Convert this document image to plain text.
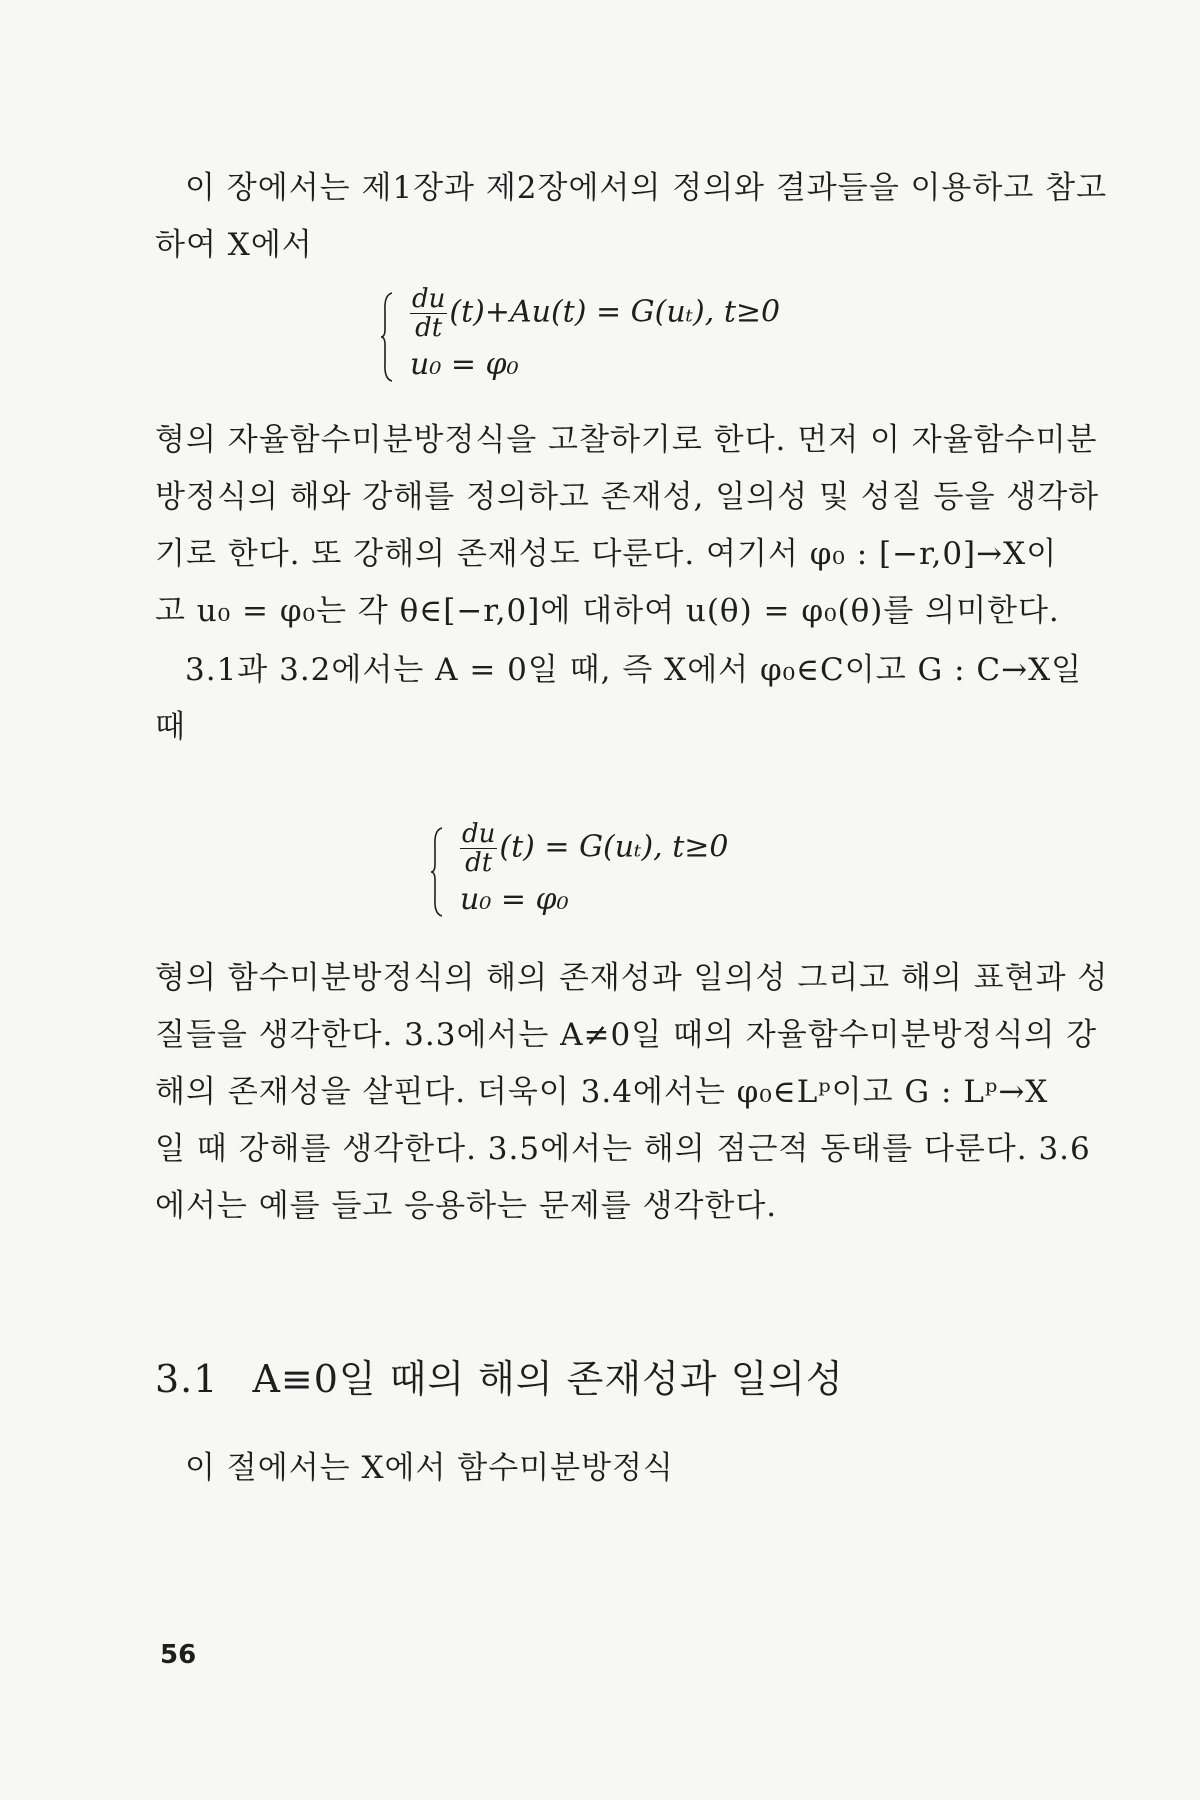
이 장에서는 제1장과 제2장에서의 정의와 결과들을 이용하고 참고
하여 X에서

$\frac{du}{dt} (t)+Au(t) = G(u_t)$, t≥0
u₀ = φ₀

형의 자율함수미분방정식을 고찰하기로 한다. 먼저 이 자율함수미분
방정식의 해와 강해를 정의하고 존재성, 일의성 및 성질 등을 생각하
기로 한다. 또 강해의 존재성도 다룬다. 여기서 φ₀ : [−r,0]→X이
고 u₀ = φ₀는 각 θ∈[−r,0]에 대하여 u(θ) = φ₀(θ)를 의미한다.

3.1과 3.2에서는 A = 0일 때, 즉 X에서 φ₀∈C이고 G : C→X일
때

$\frac{du}{dt} (t) = G(u_t)$, t≥0
u₀ = φ₀

형의 함수미분방정식의 해의 존재성과 일의성 그리고 해의 표현과 성
질들을 생각한다. 3.3에서는 A≠0일 때의 자율함수미분방정식의 강
해의 존재성을 살핀다. 더욱이 3.4에서는 φ₀∈Lᵖ이고 G : Lᵖ→X
일 때 강해를 생각한다. 3.5에서는 해의 점근적 동태를 다룬다. 3.6
에서는 예를 들고 응용하는 문제를 생각한다.

3.1 A≡0일 때의 해의 존재성과 일의성

이 절에서는 X에서 함수미분방정식

56
